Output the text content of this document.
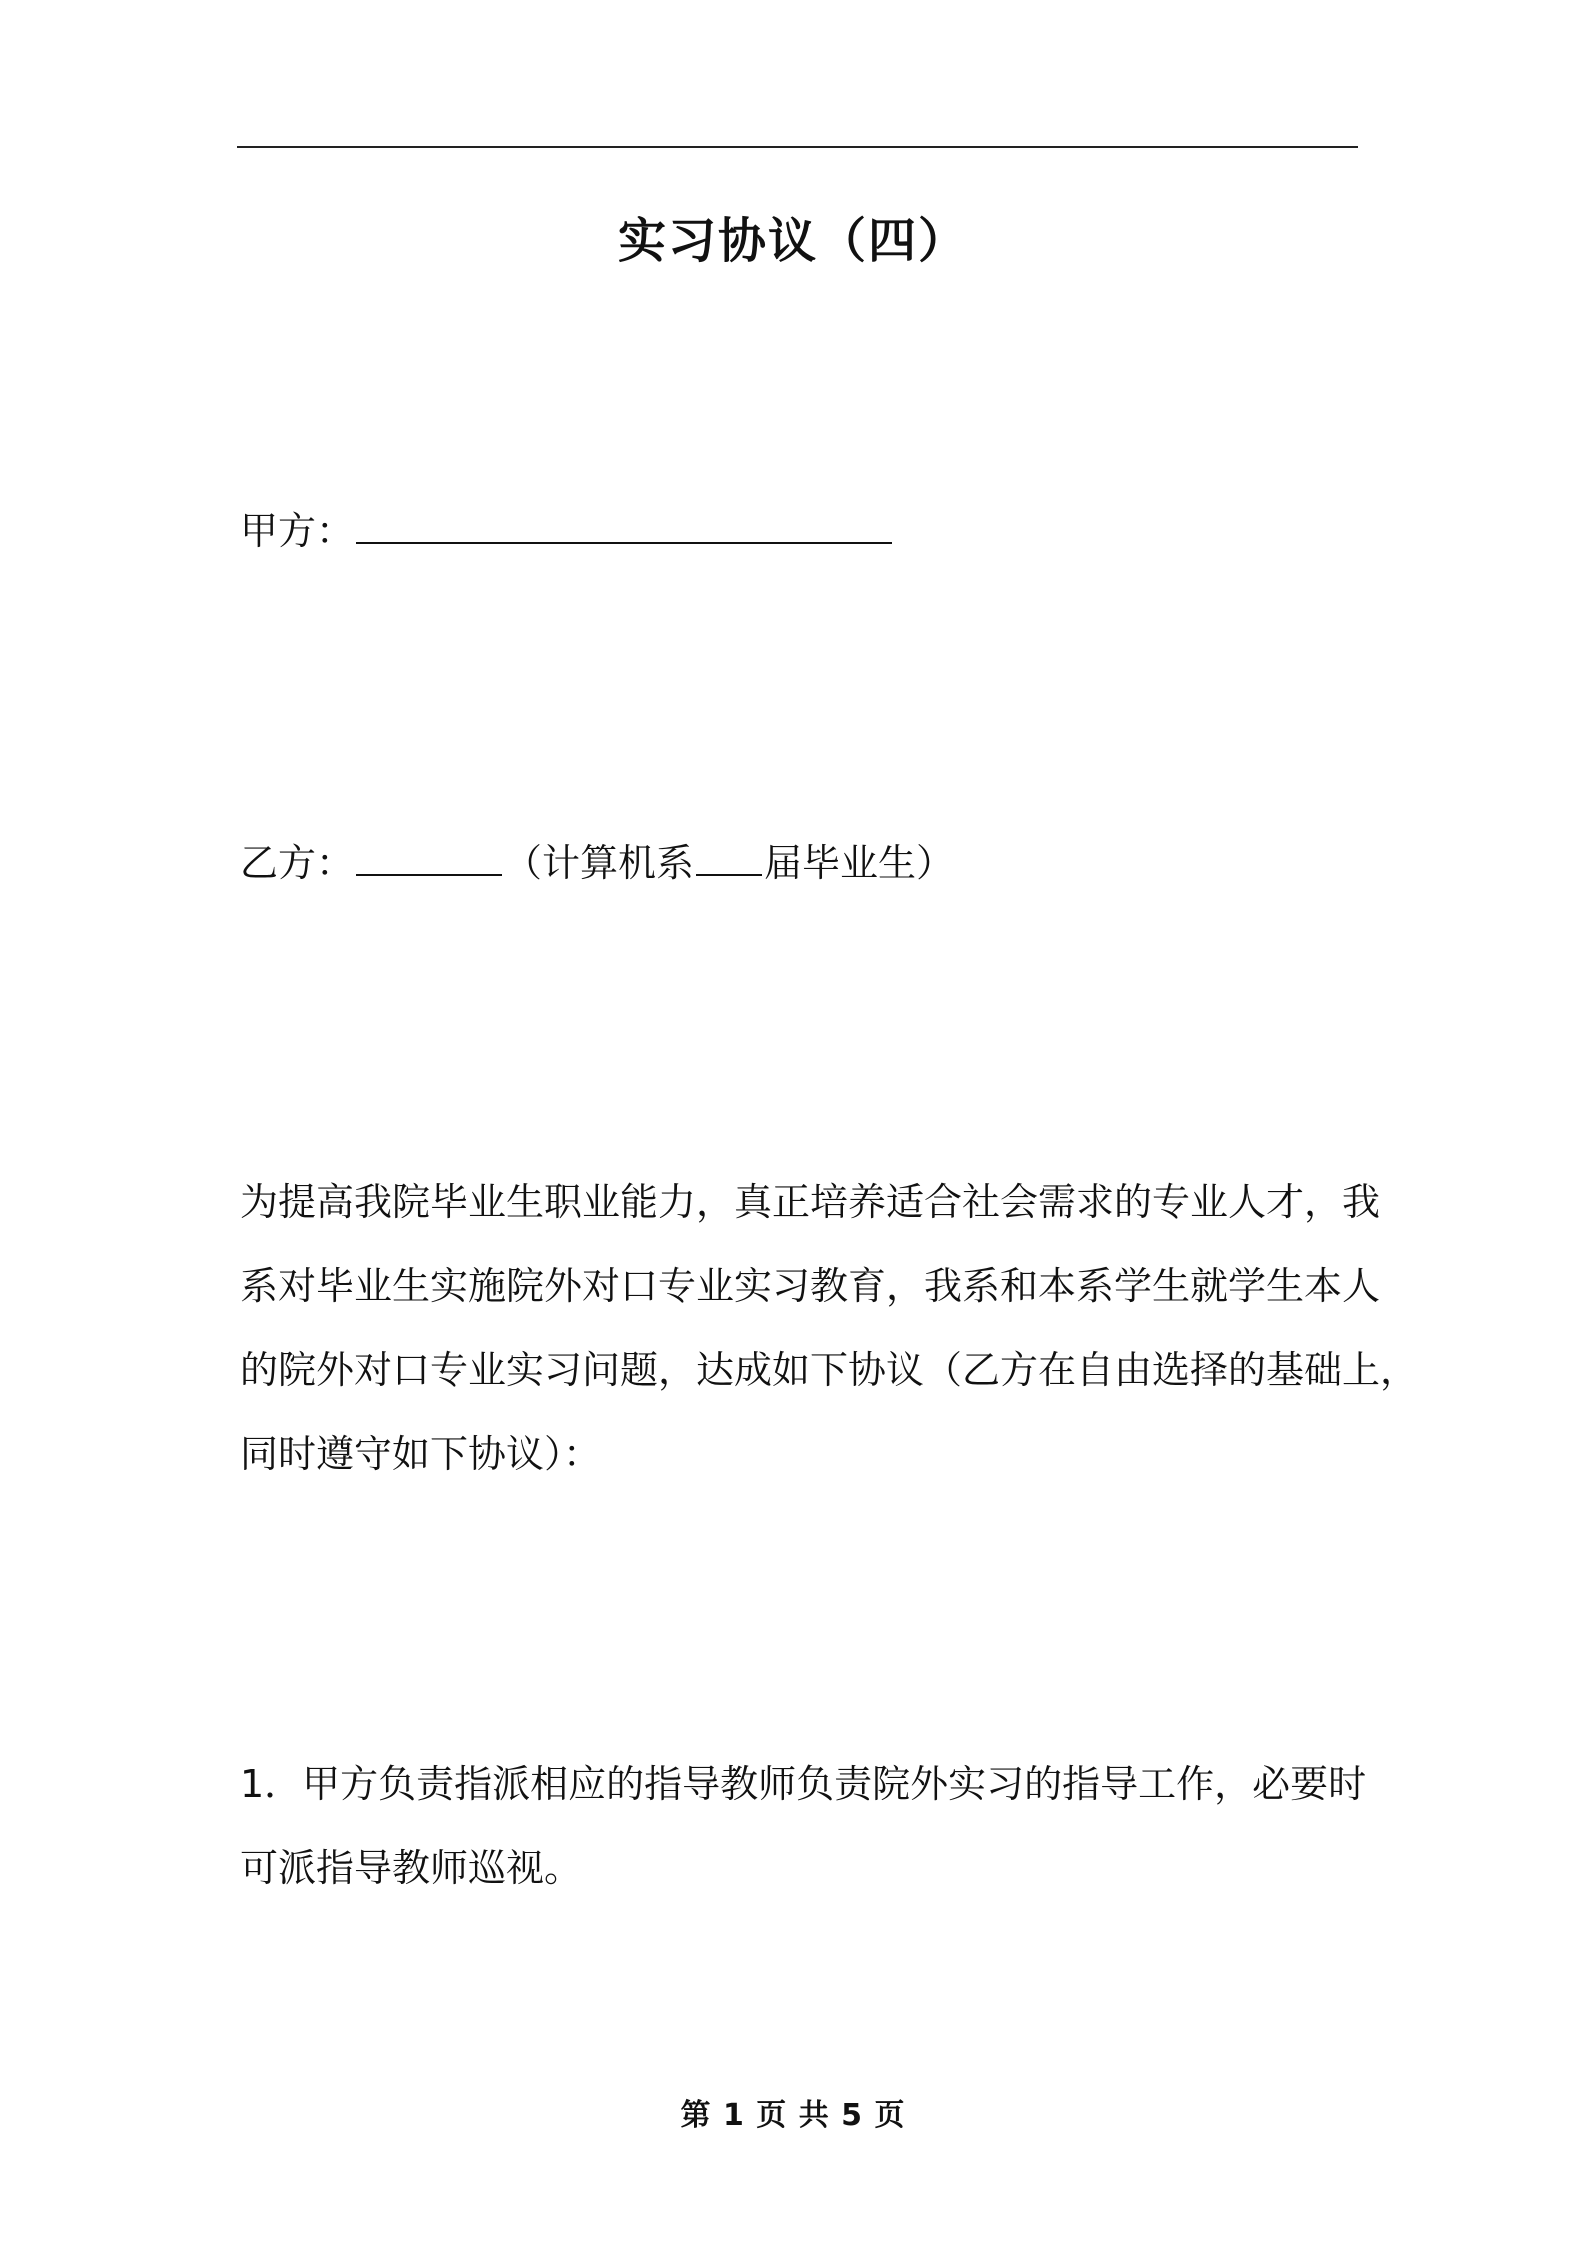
实习协议（四）
甲方：
乙方：	（计算机系 届毕业生）
为提高我院毕业生职业能力，真正培养适合社会需求的专业人才，我
系对毕业生实施院外对口专业实习教育，我系和本系学生就学生本人
的院外对口专业实习问题，达成如下协议（乙方在自由选择的基础上，
同时遵守如下协议）：
1．甲方负责指派相应的指导教师负责院外实习的指导工作，必要时
可派指导教师巡视。
第 1 页 共 5 页
